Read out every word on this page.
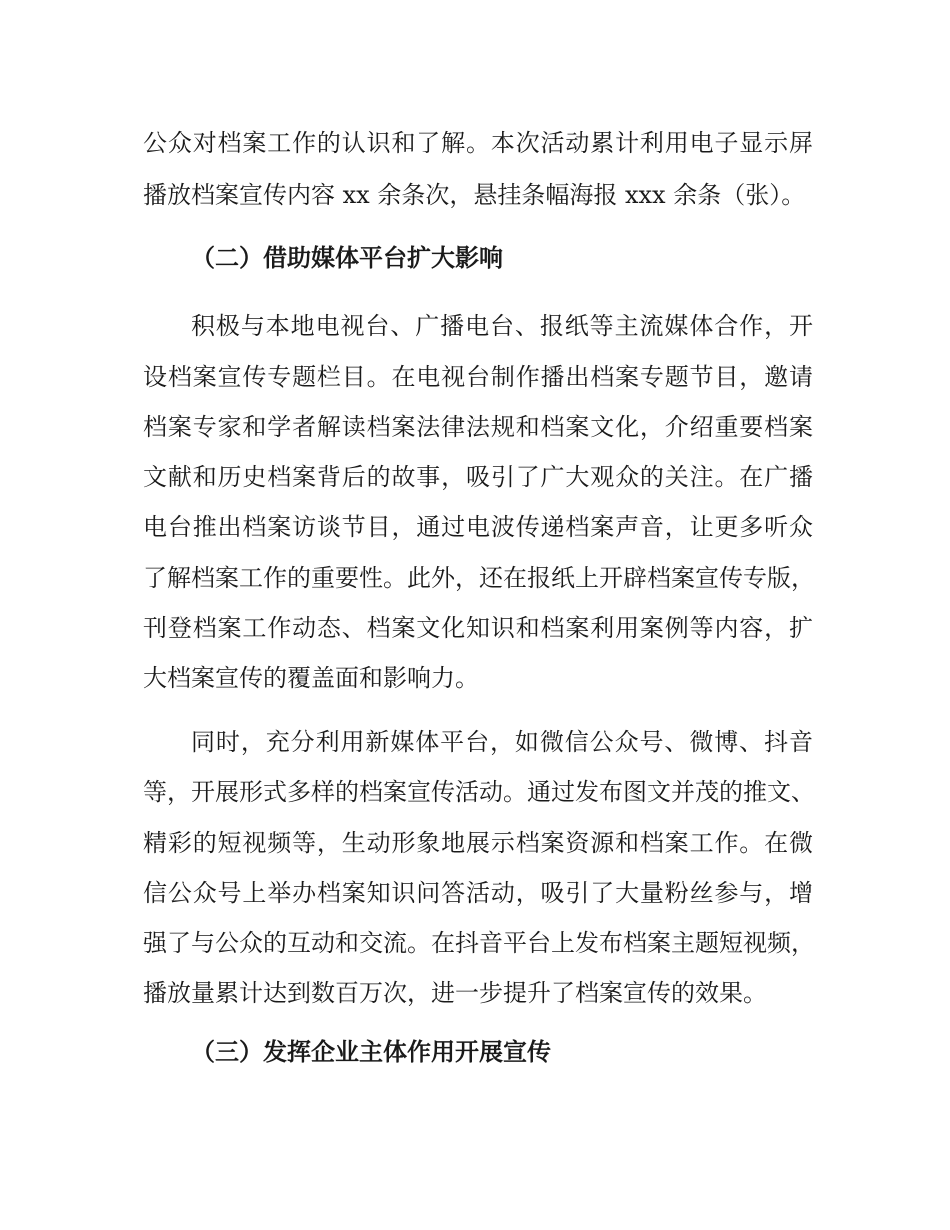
公众对档案工作的认识和了解。本次活动累计利用电子显示屏
播放档案宣传内容 xx 余条次，悬挂条幅海报 xxx 余条（张）。
（二）借助媒体平台扩大影响
积极与本地电视台、广播电台、报纸等主流媒体合作，开
设档案宣传专题栏目。在电视台制作播出档案专题节目，邀请
档案专家和学者解读档案法律法规和档案文化，介绍重要档案
文献和历史档案背后的故事，吸引了广大观众的关注。在广播
电台推出档案访谈节目，通过电波传递档案声音，让更多听众
了解档案工作的重要性。此外，还在报纸上开辟档案宣传专版，
刊登档案工作动态、档案文化知识和档案利用案例等内容，扩
大档案宣传的覆盖面和影响力。
同时，充分利用新媒体平台，如微信公众号、微博、抖音
等，开展形式多样的档案宣传活动。通过发布图文并茂的推文、
精彩的短视频等，生动形象地展示档案资源和档案工作。在微
信公众号上举办档案知识问答活动，吸引了大量粉丝参与，增
强了与公众的互动和交流。在抖音平台上发布档案主题短视频，
播放量累计达到数百万次，进一步提升了档案宣传的效果。
（三）发挥企业主体作用开展宣传
